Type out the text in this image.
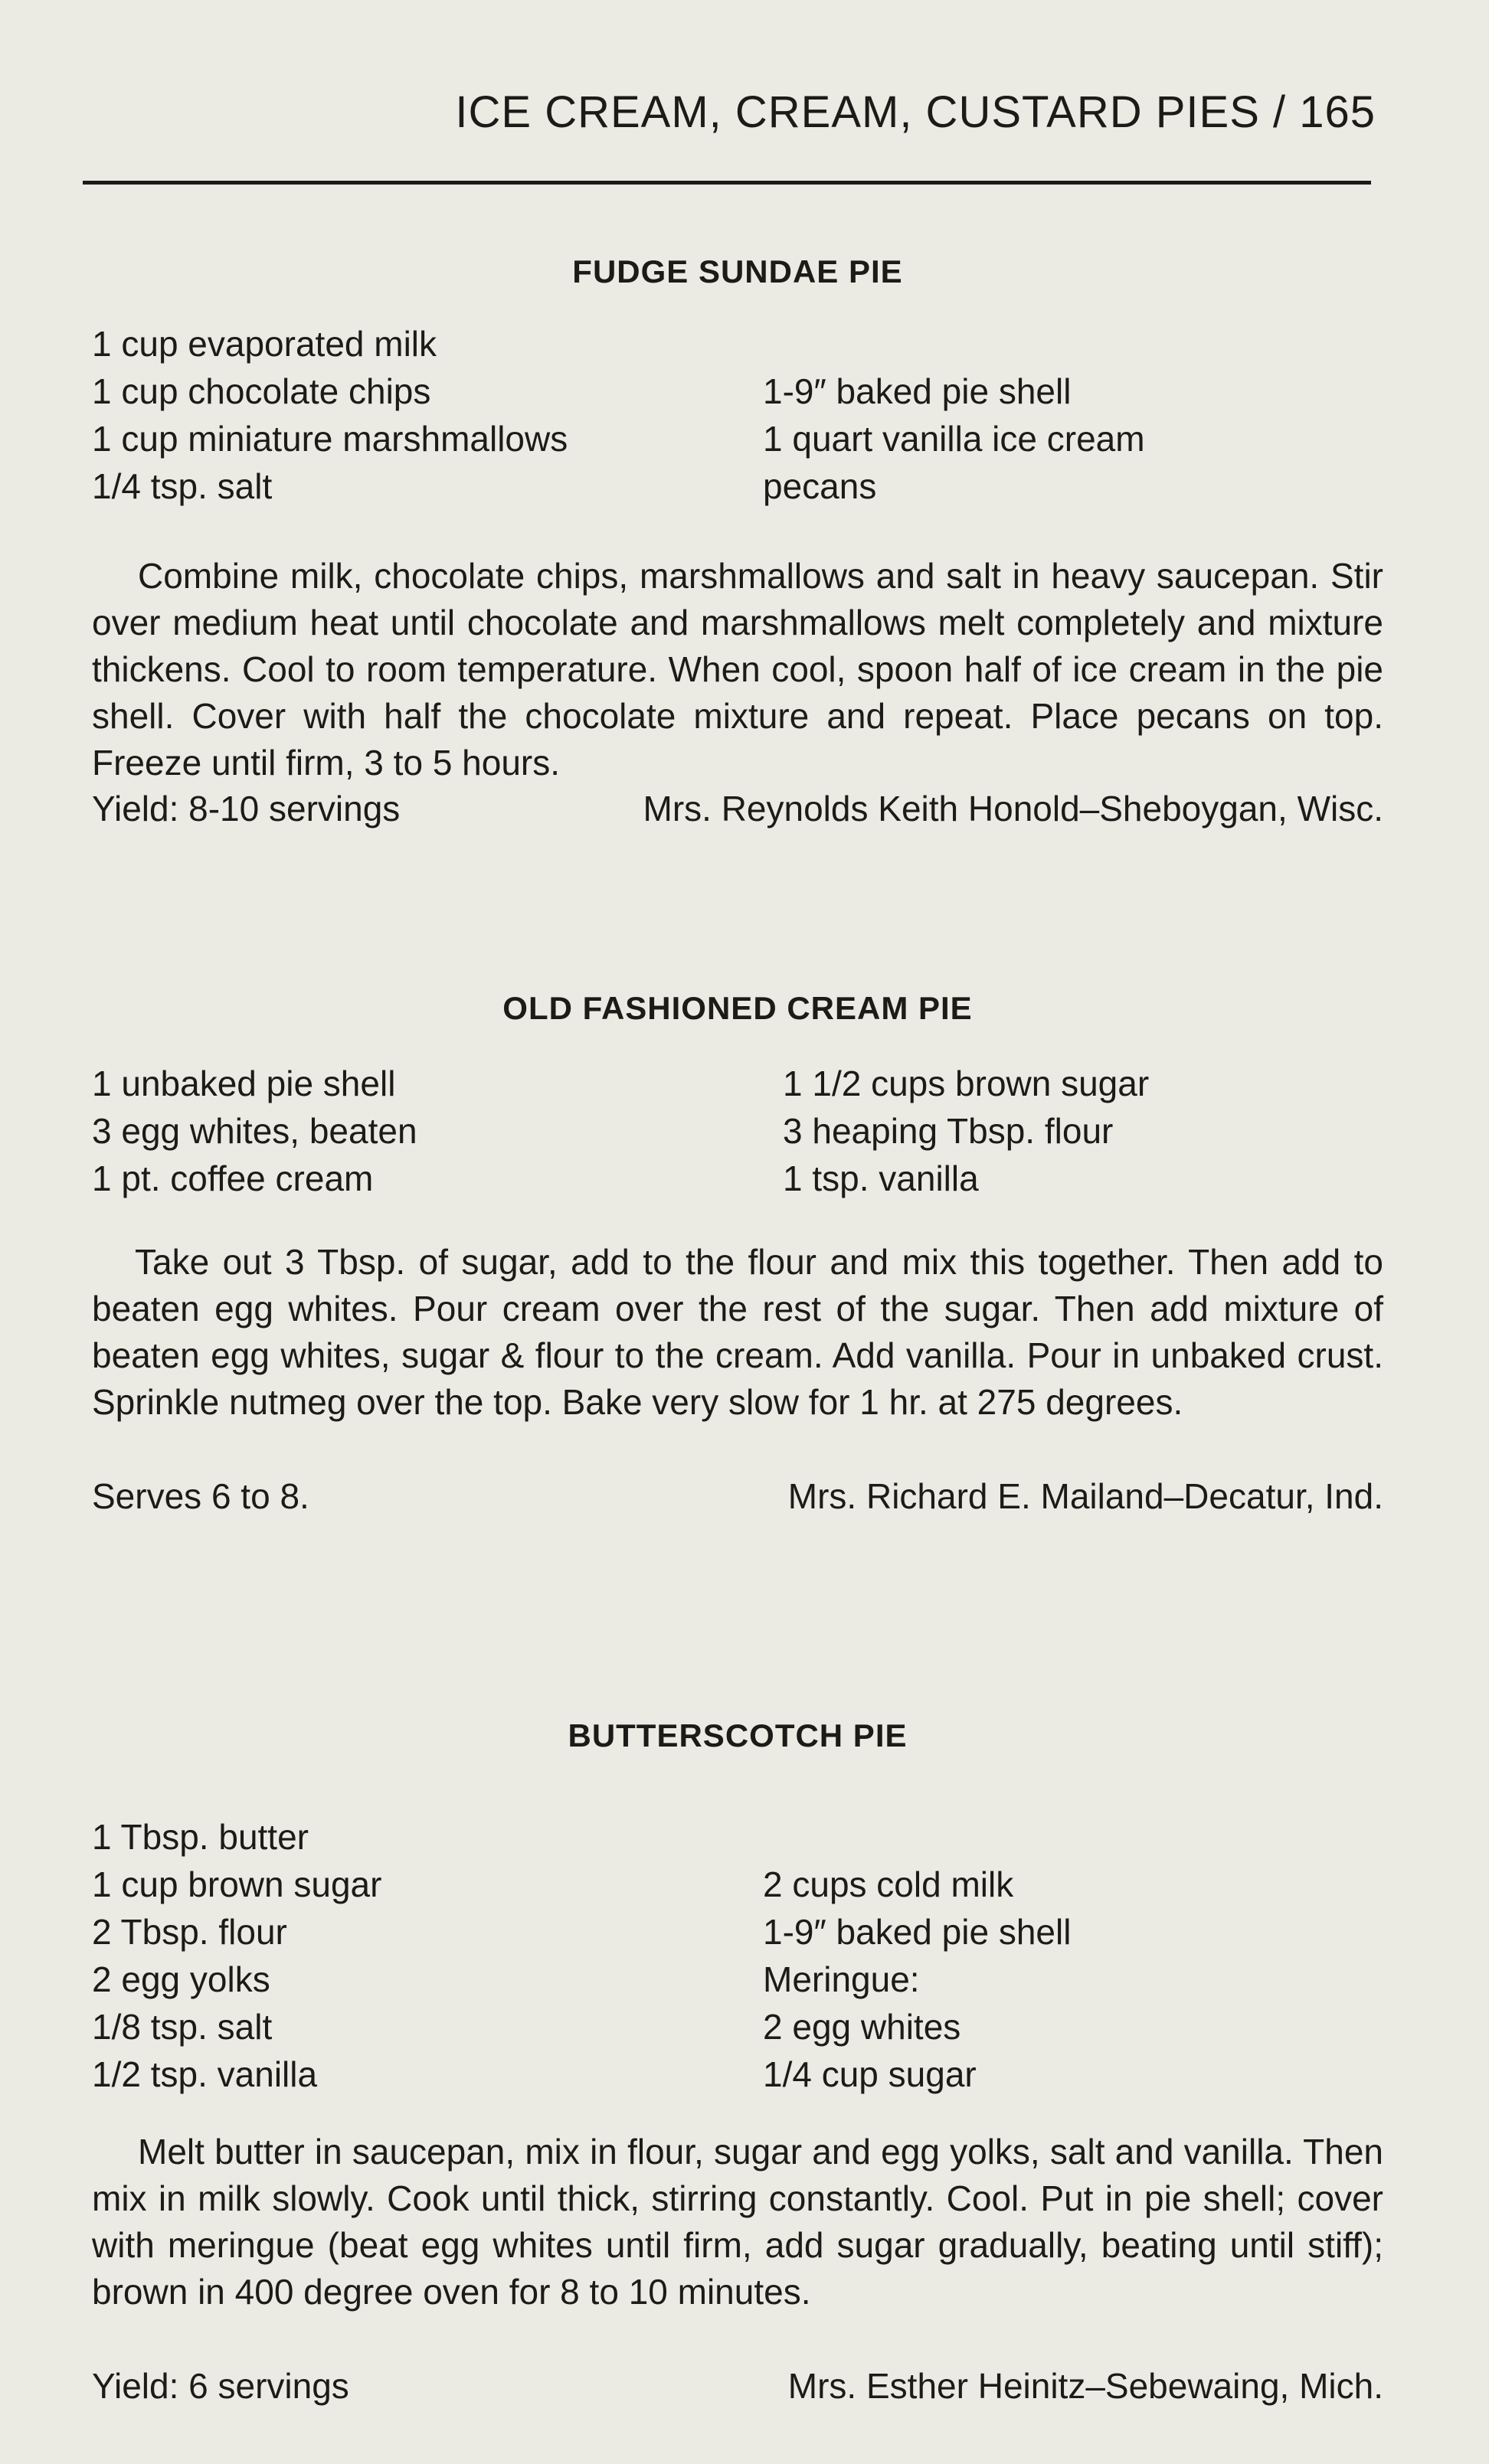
ICE CREAM, CREAM, CUSTARD PIES / 165
FUDGE SUNDAE PIE
1 cup evaporated milk
1 cup chocolate chips
1 cup miniature marshmallows
1/4 tsp. salt
1-9″ baked pie shell
1 quart vanilla ice cream
pecans
Combine milk, chocolate chips, marshmallows and salt in heavy saucepan. Stir over medium heat until chocolate and marshmallows melt completely and mixture thickens. Cool to room temperature. When cool, spoon half of ice cream in the pie shell. Cover with half the chocolate mixture and repeat. Place pecans on top. Freeze until firm, 3 to 5 hours.
Yield: 8-10 servings	Mrs. Reynolds Keith Honold–Sheboygan, Wisc.
OLD FASHIONED CREAM PIE
1 unbaked pie shell
3 egg whites, beaten
1 pt. coffee cream
1 1/2 cups brown sugar
3 heaping Tbsp. flour
1 tsp. vanilla
Take out 3 Tbsp. of sugar, add to the flour and mix this together. Then add to beaten egg whites. Pour cream over the rest of the sugar. Then add mixture of beaten egg whites, sugar & flour to the cream. Add vanilla. Pour in unbaked crust. Sprinkle nutmeg over the top. Bake very slow for 1 hr. at 275 degrees.
Serves 6 to 8.	Mrs. Richard E. Mailand–Decatur, Ind.
BUTTERSCOTCH PIE
1 Tbsp. butter
1 cup brown sugar
2 Tbsp. flour
2 egg yolks
1/8 tsp. salt
1/2 tsp. vanilla
2 cups cold milk
1-9″ baked pie shell
Meringue:
2 egg whites
1/4 cup sugar
Melt butter in saucepan, mix in flour, sugar and egg yolks, salt and vanilla. Then mix in milk slowly. Cook until thick, stirring constantly. Cool. Put in pie shell; cover with meringue (beat egg whites until firm, add sugar gradually, beating until stiff); brown in 400 degree oven for 8 to 10 minutes.
Yield: 6 servings	Mrs. Esther Heinitz–Sebewaing, Mich.
